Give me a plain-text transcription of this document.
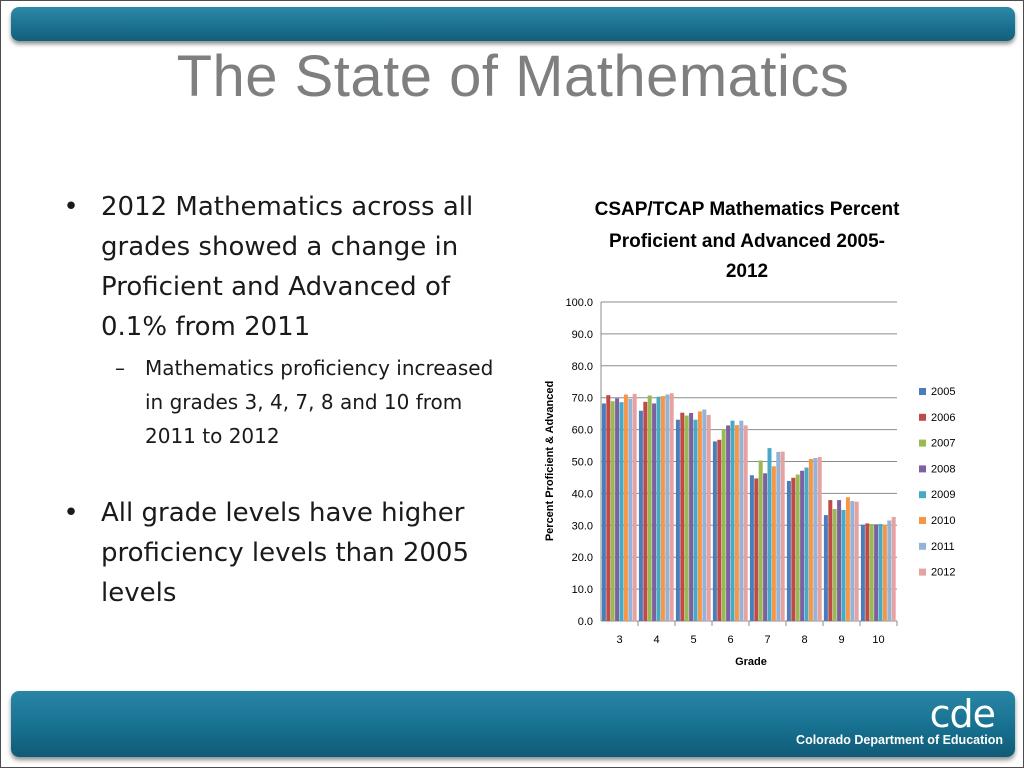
The State of Mathematics

• 2012 Mathematics across all grades showed a change in Proficient and Advanced of 0.1% from 2011

– Mathematics proficiency increased in grades 3, 4, 7, 8 and 10 from 2011 to 2012

• All grade levels have higher proficiency levels than 2005 levels

CSAP/TCAP Mathematics Percent
Proficient and Advanced 2005-
2012
0.0
10.0
20.0
30.0
40.0
50.0
60.0
70.0
80.0
90.0
100.0
3	4	5	6	7	8	9	10
2005
2006
2007
2008
2009
2010
2011
2012
Grade
Percent Proficient & Advanced
cde
Colorado Department of Education
